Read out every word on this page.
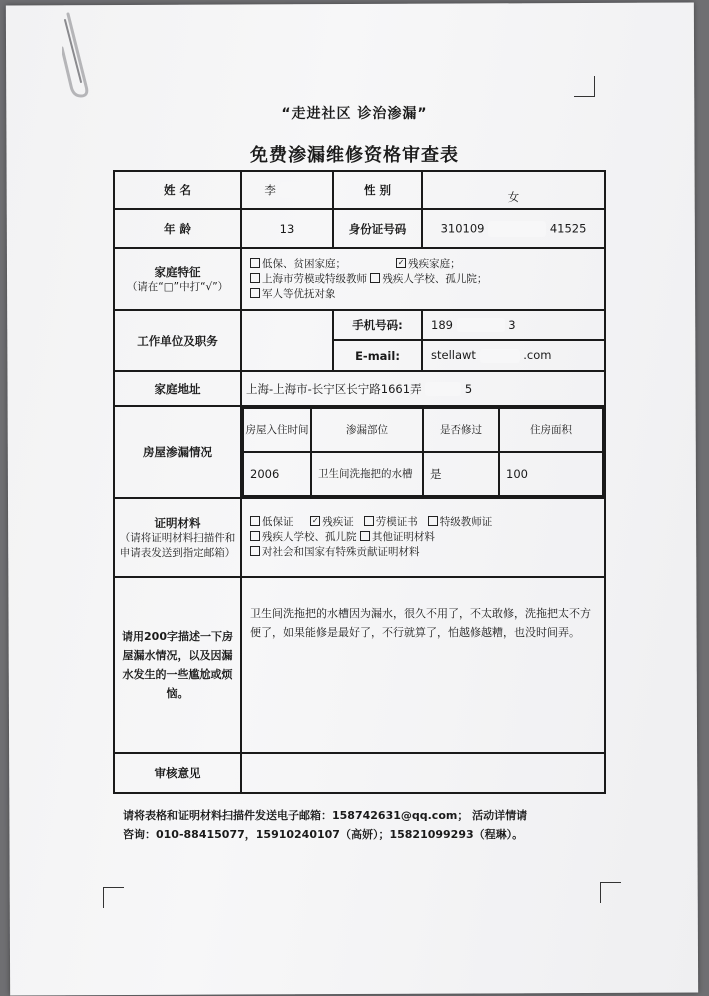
“走进社区 诊治渗漏”
免费渗漏维修资格审查表
姓 名	李	性 别	女
年 龄	13	身份证号码	310109	41525

家庭特征
（请在“□”中打“√”）

低保、贫困家庭；	✓ 残疾家庭；
上海市劳模或特级教师 残疾人学校、孤儿院；
军人等优抚对象

工作单位及职务		手机号码:	189	3
E-mail:	stellawt	.com
家庭地址	上海-上海市-长宁区长宁路1661弄	5
房屋渗漏情况	
房屋入住时间	渗漏部位	是否修过	住房面积
2006	卫生间洗拖把的水槽	是	100

证明材料
（请将证明材料扫描件和申请表发送到指定邮箱）

低保证 ✓ 残疾证 劳模证书 特级教师证
残疾人学校、孤儿院 其他证明材料
对社会和国家有特殊贡献证明材料

请用200字描述一下房屋漏水情况，以及因漏水发生的一些尴尬或烦恼。	卫生间洗拖把的水槽因为漏水，很久不用了，不太敢修，洗拖把太不方便了，如果能修是最好了，不行就算了，怕越修越糟，也没时间弄。
审核意见	
请将表格和证明材料扫描件发送电子邮箱：158742631@qq.com； 活动详情请
咨询：010-88415077，15910240107（高妍）；15821099293（程琳）。
